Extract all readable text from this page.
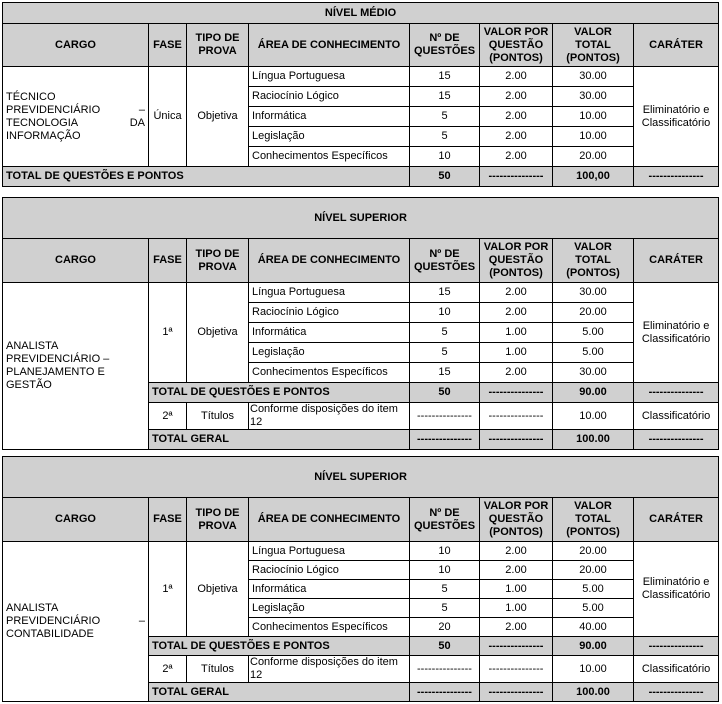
NÍVEL MÉDIO							
CARGO	FASE	TIPO DE PROVA	ÁREA DE CONHECIMENTO	Nº DE QUESTÕES	VALOR POR QUESTÃO (PONTOS)	VALOR TOTAL (PONTOS)	CARÁTER
TÉCNICO PREVIDENCIÁRIO – TECNOLOGIA DA INFORMAÇÃO	Única	Objetiva	Língua Portuguesa	15	2.00	30.00	Eliminatório e Classificatório
			Raciocínio Lógico	15	2.00	30.00	
			Informática	5	2.00	10.00	
			Legislação	5	2.00	10.00	
			Conhecimentos Específicos	10	2.00	20.00	
TOTAL DE QUESTÕES E PONTOS				50	---------------	100,00	---------------
NÍVEL SUPERIOR							
CARGO	FASE	TIPO DE PROVA	ÁREA DE CONHECIMENTO	Nº DE QUESTÕES	VALOR POR QUESTÃO (PONTOS)	VALOR TOTAL (PONTOS)	CARÁTER
ANALISTA PREVIDENCIÁRIO – PLANEJAMENTO E GESTÃO	1ª	Objetiva	Língua Portuguesa	15	2.00	30.00	Eliminatório e Classificatório
			Raciocínio Lógico	10	2.00	20.00	
			Informática	5	1.00	5.00	
			Legislação	5	1.00	5.00	
			Conhecimentos Específicos	15	2.00	30.00	
	TOTAL DE QUESTÕES E PONTOS			50	---------------	90.00	---------------
	2ª	Títulos	Conforme disposições do item 12	---------------	---------------	10.00	Classificatório
	TOTAL GERAL			---------------	---------------	100.00	---------------
NÍVEL SUPERIOR							
CARGO	FASE	TIPO DE PROVA	ÁREA DE CONHECIMENTO	Nº DE QUESTÕES	VALOR POR QUESTÃO (PONTOS)	VALOR TOTAL (PONTOS)	CARÁTER
ANALISTA PREVIDENCIÁRIO – CONTABILIDADE	1ª	Objetiva	Língua Portuguesa	10	2.00	20.00	Eliminatório e Classificatório
			Raciocínio Lógico	10	2.00	20.00	
			Informática	5	1.00	5.00	
			Legislação	5	1.00	5.00	
			Conhecimentos Específicos	20	2.00	40.00	
	TOTAL DE QUESTÕES E PONTOS			50	---------------	90.00	---------------
	2ª	Títulos	Conforme disposições do item 12	---------------	---------------	10.00	Classificatório
	TOTAL GERAL			---------------	---------------	100.00	---------------
